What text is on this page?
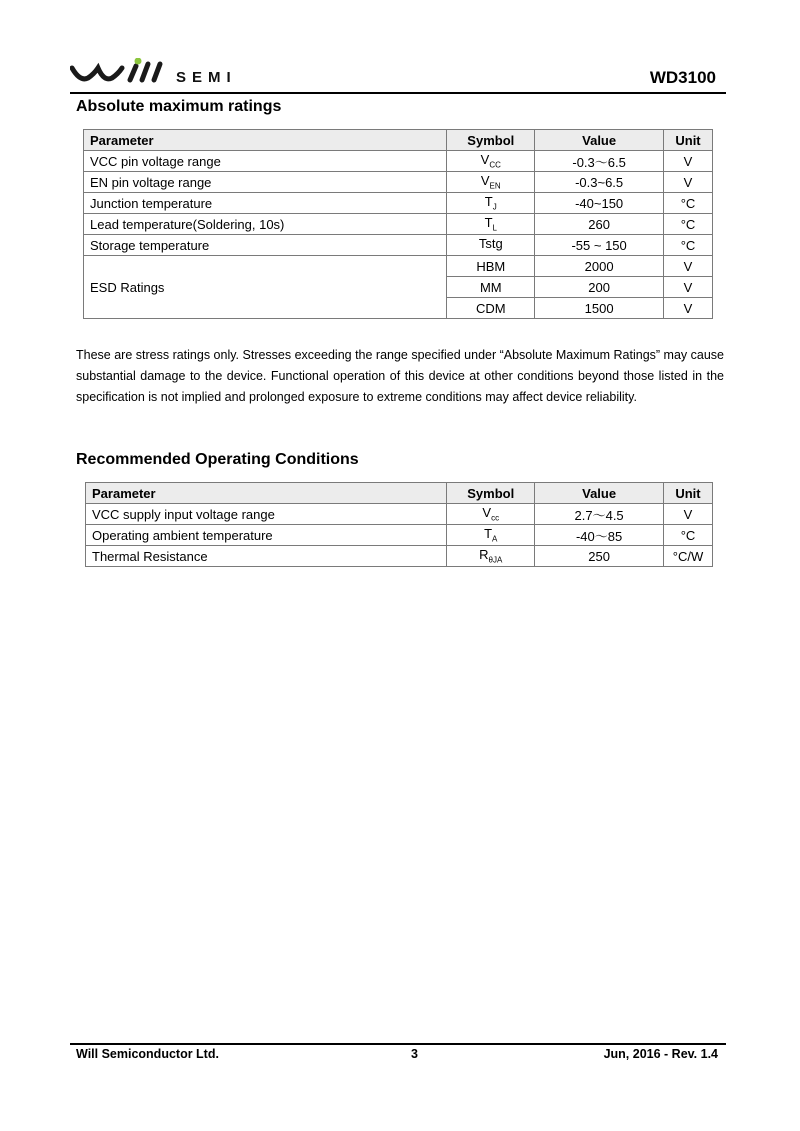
SEMI	WD3100
Absolute maximum ratings
Parameter	Symbol	Value	Unit
VCC pin voltage range	$V_{CC}$	-0.3～6.5	V
EN pin voltage range	$V_{EN}$	-0.3~6.5	V
Junction temperature	$T_J$	-40~150	°C
Lead temperature(Soldering, 10s)	$T_L$	260	°C
Storage temperature	Tstg	-55 ~ 150	°C
ESD Ratings	HBM	2000	V
	MM	200	V
	CDM	1500	V
These are stress ratings only. Stresses exceeding the range specified under “Absolute Maximum Ratings” may cause substantial damage to the device. Functional operation of this device at other conditions beyond those listed in the specification is not implied and prolonged exposure to extreme conditions may affect device reliability.
Recommended Operating Conditions
Parameter	Symbol	Value	Unit
VCC supply input voltage range	$V_{cc}$	2.7～4.5	V
Operating ambient temperature	$T_A$	-40～85	°C
Thermal Resistance	$R_{\theta JA}$	250	°C/W
Will Semiconductor Ltd.	3	Jun, 2016 - Rev. 1.4
